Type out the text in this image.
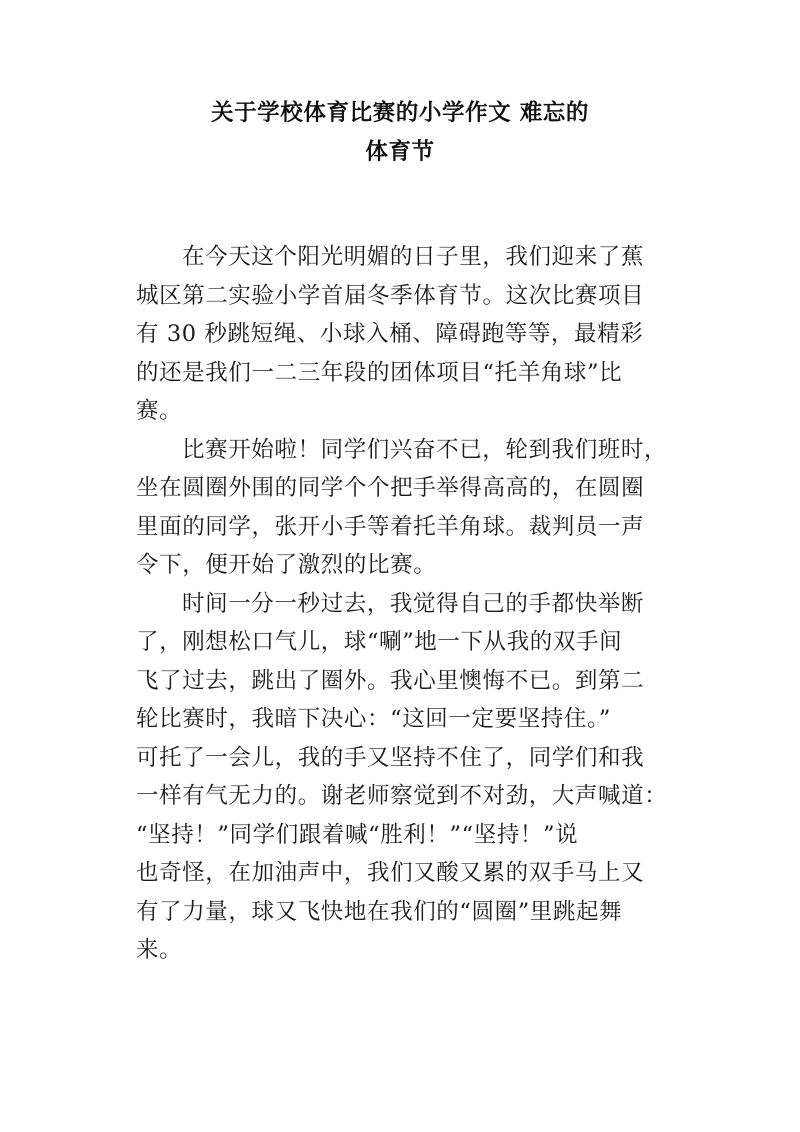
关于学校体育比赛的小学作文 难忘的
体育节
在今天这个阳光明媚的日子里，我们迎来了蕉
城区第二实验小学首届冬季体育节。这次比赛项目
有 30 秒跳短绳、小球入桶、障碍跑等等，最精彩
的还是我们一二三年段的团体项目“托羊角球”比
赛。
比赛开始啦！同学们兴奋不已，轮到我们班时，
坐在圆圈外围的同学个个把手举得高高的，在圆圈
里面的同学，张开小手等着托羊角球。裁判员一声
令下，便开始了激烈的比赛。
时间一分一秒过去，我觉得自己的手都快举断
了，刚想松口气儿，球“唰”地一下从我的双手间
飞了过去，跳出了圈外。我心里懊悔不已。到第二
轮比赛时，我暗下决心：“这回一定要坚持住。”
可托了一会儿，我的手又坚持不住了，同学们和我
一样有气无力的。谢老师察觉到不对劲，大声喊道：
“坚持！”同学们跟着喊“胜利！”“坚持！”说
也奇怪，在加油声中，我们又酸又累的双手马上又
有了力量，球又飞快地在我们的“圆圈”里跳起舞
来。
